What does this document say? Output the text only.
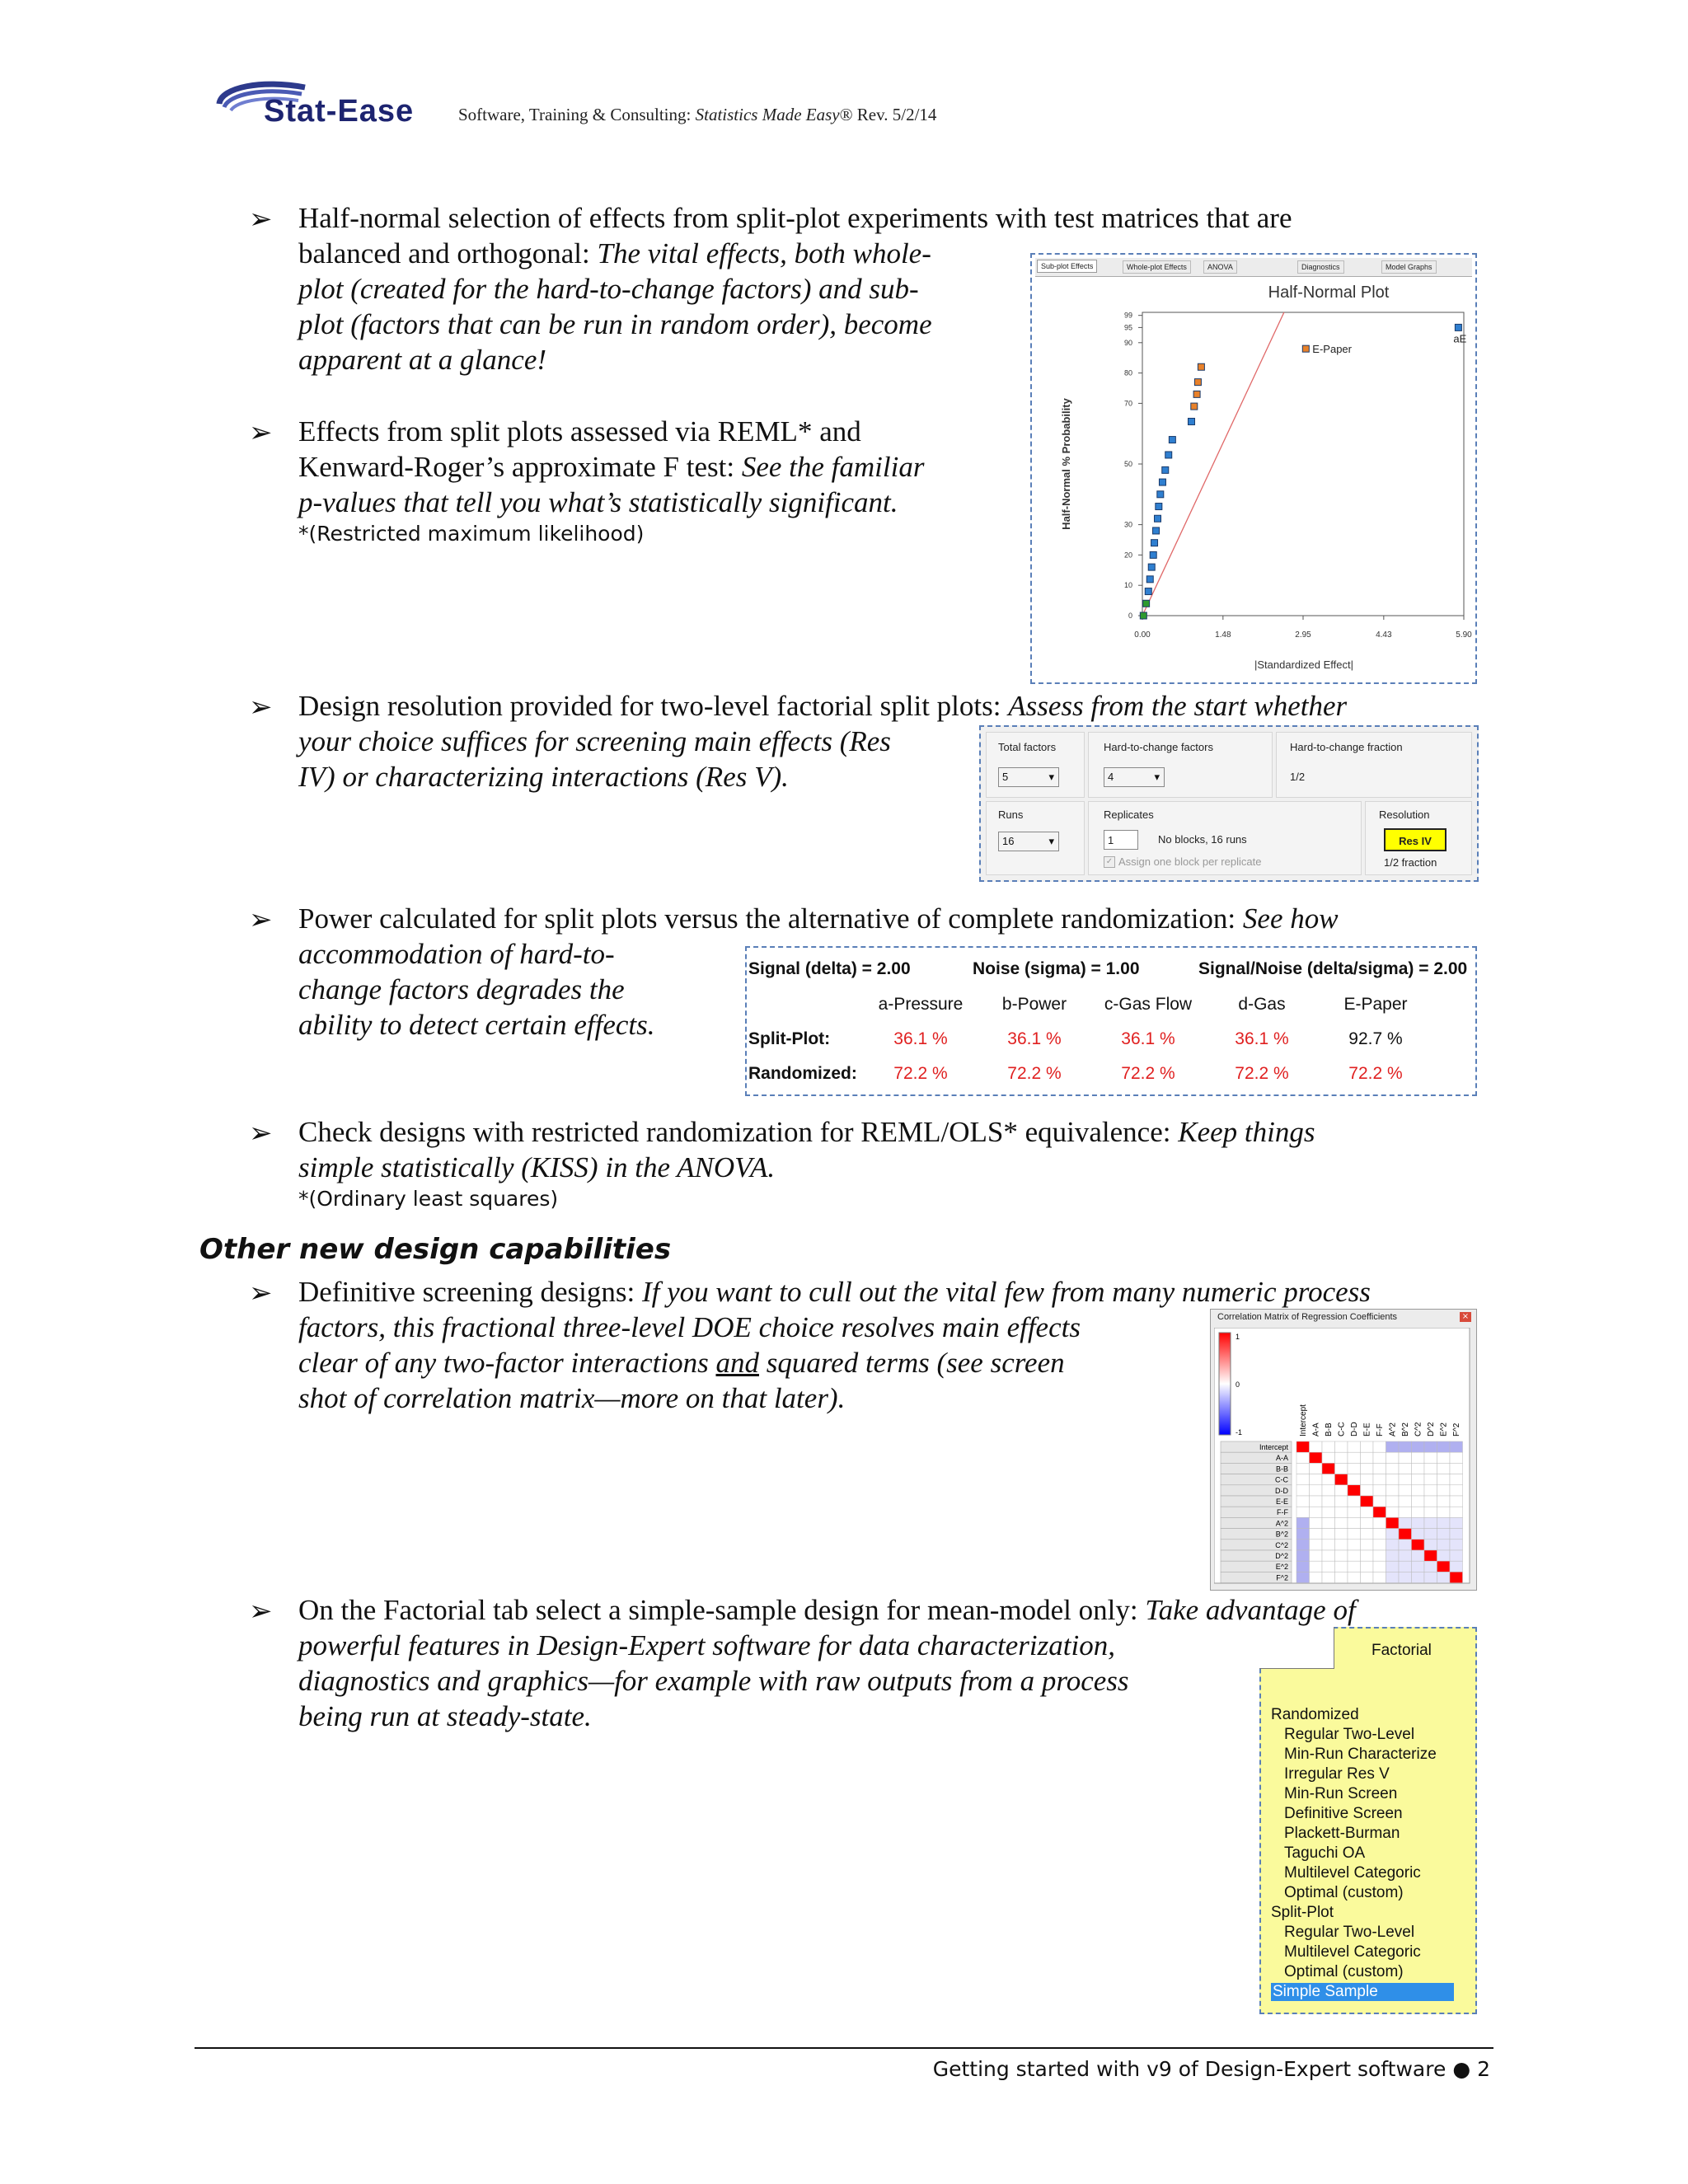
Stat-Ease	Software, Training & Consulting: Statistics Made Easy® Rev. 5/2/14
➢ Half-normal selection of effects from split-plot experiments with test matrices that are
balanced and orthogonal: The vital effects, both whole-
plot (created for the hard-to-change factors) and sub-
plot (factors that can be run in random order), become
apparent at a glance!
➢ Effects from split plots assessed via REML* and
Kenward-Roger’s approximate F test: See the familiar
p-values that tell you what’s statistically significant.
*(Restricted maximum likelihood)
Sub-plot Effects	Whole-plot Effects	ANOVA	Diagnostics	Model Graphs
Half-Normal Plot
0.00	1.48	2.95	4.43	5.90
0
10
20
30
50
70
80
90
95
99
|Standardized Effect|
Half-Normal % Probability
E-Paper
aE
➢ Design resolution provided for two-level factorial split plots: Assess from the start whether
your choice suffices for screening main effects (Res
IV) or characterizing interactions (Res V).
Total factors
5 ▾
Hard-to-change factors
4 ▾
Hard-to-change fraction
1/2
Runs
16 ▾
Replicates
1	No blocks, 16 runs
✓ Assign one block per replicate
Resolution
Res IV
1/2 fraction
➢ Power calculated for split plots versus the alternative of complete randomization: See how
accommodation of hard-to-
change factors degrades the
ability to detect certain effects.
Signal (delta) = 2.00	Noise (sigma) = 1.00	Signal/Noise (delta/sigma) = 2.00
	a-Pressure	b-Power	c-Gas Flow	d-Gas	E-Paper
Split-Plot:	36.1 %	36.1 %	36.1 %	36.1 %	92.7 %
Randomized:	72.2 %	72.2 %	72.2 %	72.2 %	72.2 %
➢ Check designs with restricted randomization for REML/OLS* equivalence: Keep things
simple statistically (KISS) in the ANOVA.
*(Ordinary least squares)
Other new design capabilities
➢ Definitive screening designs: If you want to cull out the vital few from many numeric process
factors, this fractional three-level DOE choice resolves main effects
clear of any two-factor interactions and squared terms (see screen
shot of correlation matrix—more on that later).
Correlation Matrix of Regression Coefficients	×
1
0
-1	Intercept
Intercept
A-A
A-A
B-B
B-B
C-C
C-C
D-D
D-D
E-E
E-E
F-F
F-F
A^2
A^2
B^2
B^2
C^2
C^2
D^2
D^2
E^2
E^2
F^2
F^2
➢ On the Factorial tab select a simple-sample design for mean-model only: Take advantage of
powerful features in Design-Expert software for data characterization,
diagnostics and graphics—for example with raw outputs from a process
being run at steady-state.
Factorial
Randomized
Regular Two-Level
Min-Run Characterize
Irregular Res V
Min-Run Screen
Definitive Screen
Plackett-Burman
Taguchi OA
Multilevel Categoric
Optimal (custom)
Split-Plot
Regular Two-Level
Multilevel Categoric
Optimal (custom)
Simple Sample
Getting started with v9 of Design-Expert software ● 2
